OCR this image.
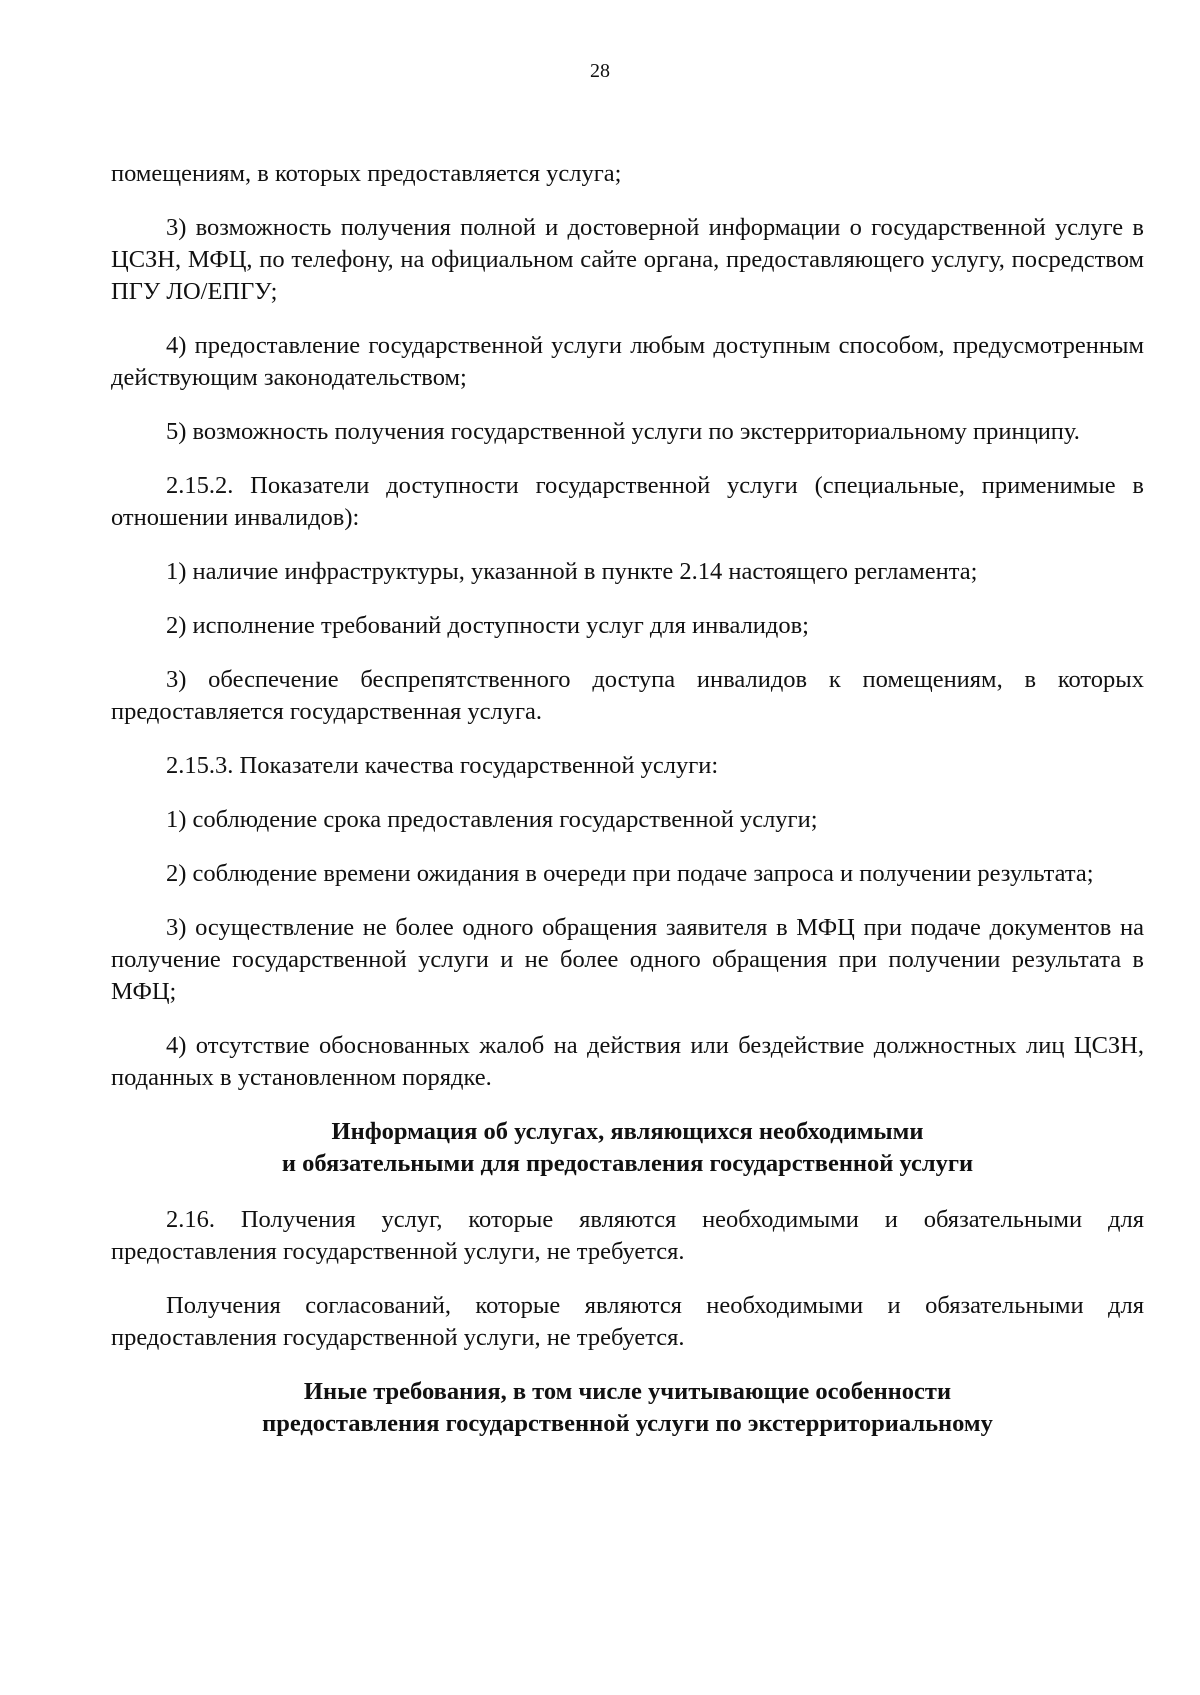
28

помещениям, в которых предоставляется услуга;

3) возможность получения полной и достоверной информации о государственной услуге в ЦСЗН, МФЦ, по телефону, на официальном сайте органа, предоставляющего услугу, посредством ПГУ ЛО/ЕПГУ;

4) предоставление государственной услуги любым доступным способом, предусмотренным действующим законодательством;

5) возможность получения государственной услуги по экстерриториальному принципу.

2.15.2. Показатели доступности государственной услуги (специальные, применимые в отношении инвалидов):

1) наличие инфраструктуры, указанной в пункте 2.14 настоящего регламента;

2) исполнение требований доступности услуг для инвалидов;

3) обеспечение беспрепятственного доступа инвалидов к помещениям, в которых предоставляется государственная услуга.

2.15.3. Показатели качества государственной услуги:

1) соблюдение срока предоставления государственной услуги;

2) соблюдение времени ожидания в очереди при подаче запроса и получении результата;

3) осуществление не более одного обращения заявителя в МФЦ при подаче документов на получение государственной услуги и не более одного обращения при получении результата в МФЦ;

4) отсутствие обоснованных жалоб на действия или бездействие должностных лиц ЦСЗН, поданных в установленном порядке.

Информация об услугах, являющихся необходимыми
и обязательными для предоставления государственной услуги

2.16. Получения услуг, которые являются необходимыми и обязательными для предоставления государственной услуги, не требуется.

Получения согласований, которые являются необходимыми и обязательными для предоставления государственной услуги, не требуется.

Иные требования, в том числе учитывающие особенности
предоставления государственной услуги по экстерриториальному
